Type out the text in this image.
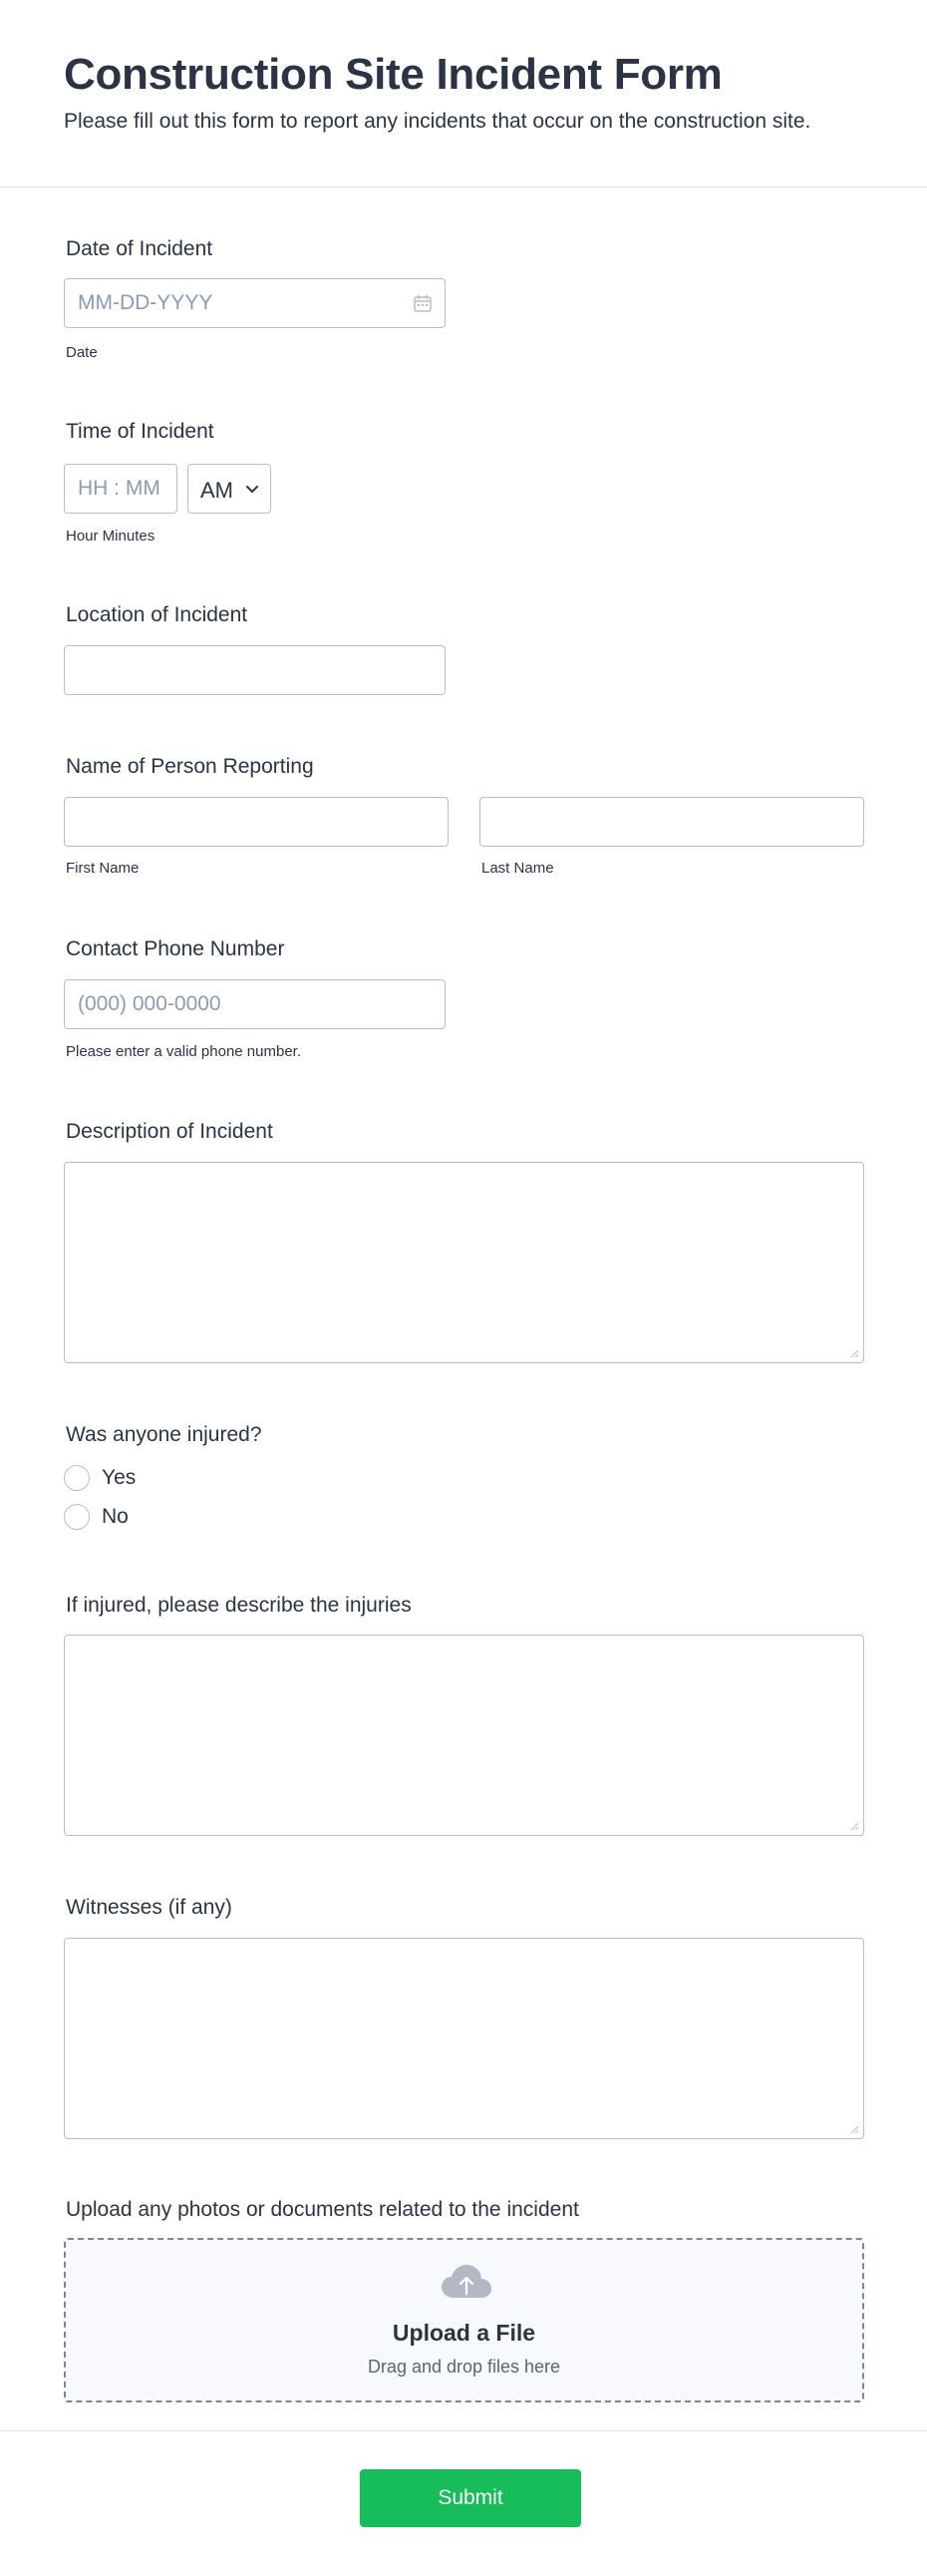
Construction Site Incident Form
Please fill out this form to report any incidents that occur on the construction site.
Date of Incident
MM-DD-YYYY
Date
Time of Incident
HH : MM
AM
Hour Minutes
Location of Incident
Name of Person Reporting
First Name	Last Name
Contact Phone Number
(000) 000-0000
Please enter a valid phone number.
Description of Incident
Was anyone injured?
Yes
No
If injured, please describe the injuries
Witnesses (if any)
Upload any photos or documents related to the incident
Upload a File
Drag and drop files here
Submit
